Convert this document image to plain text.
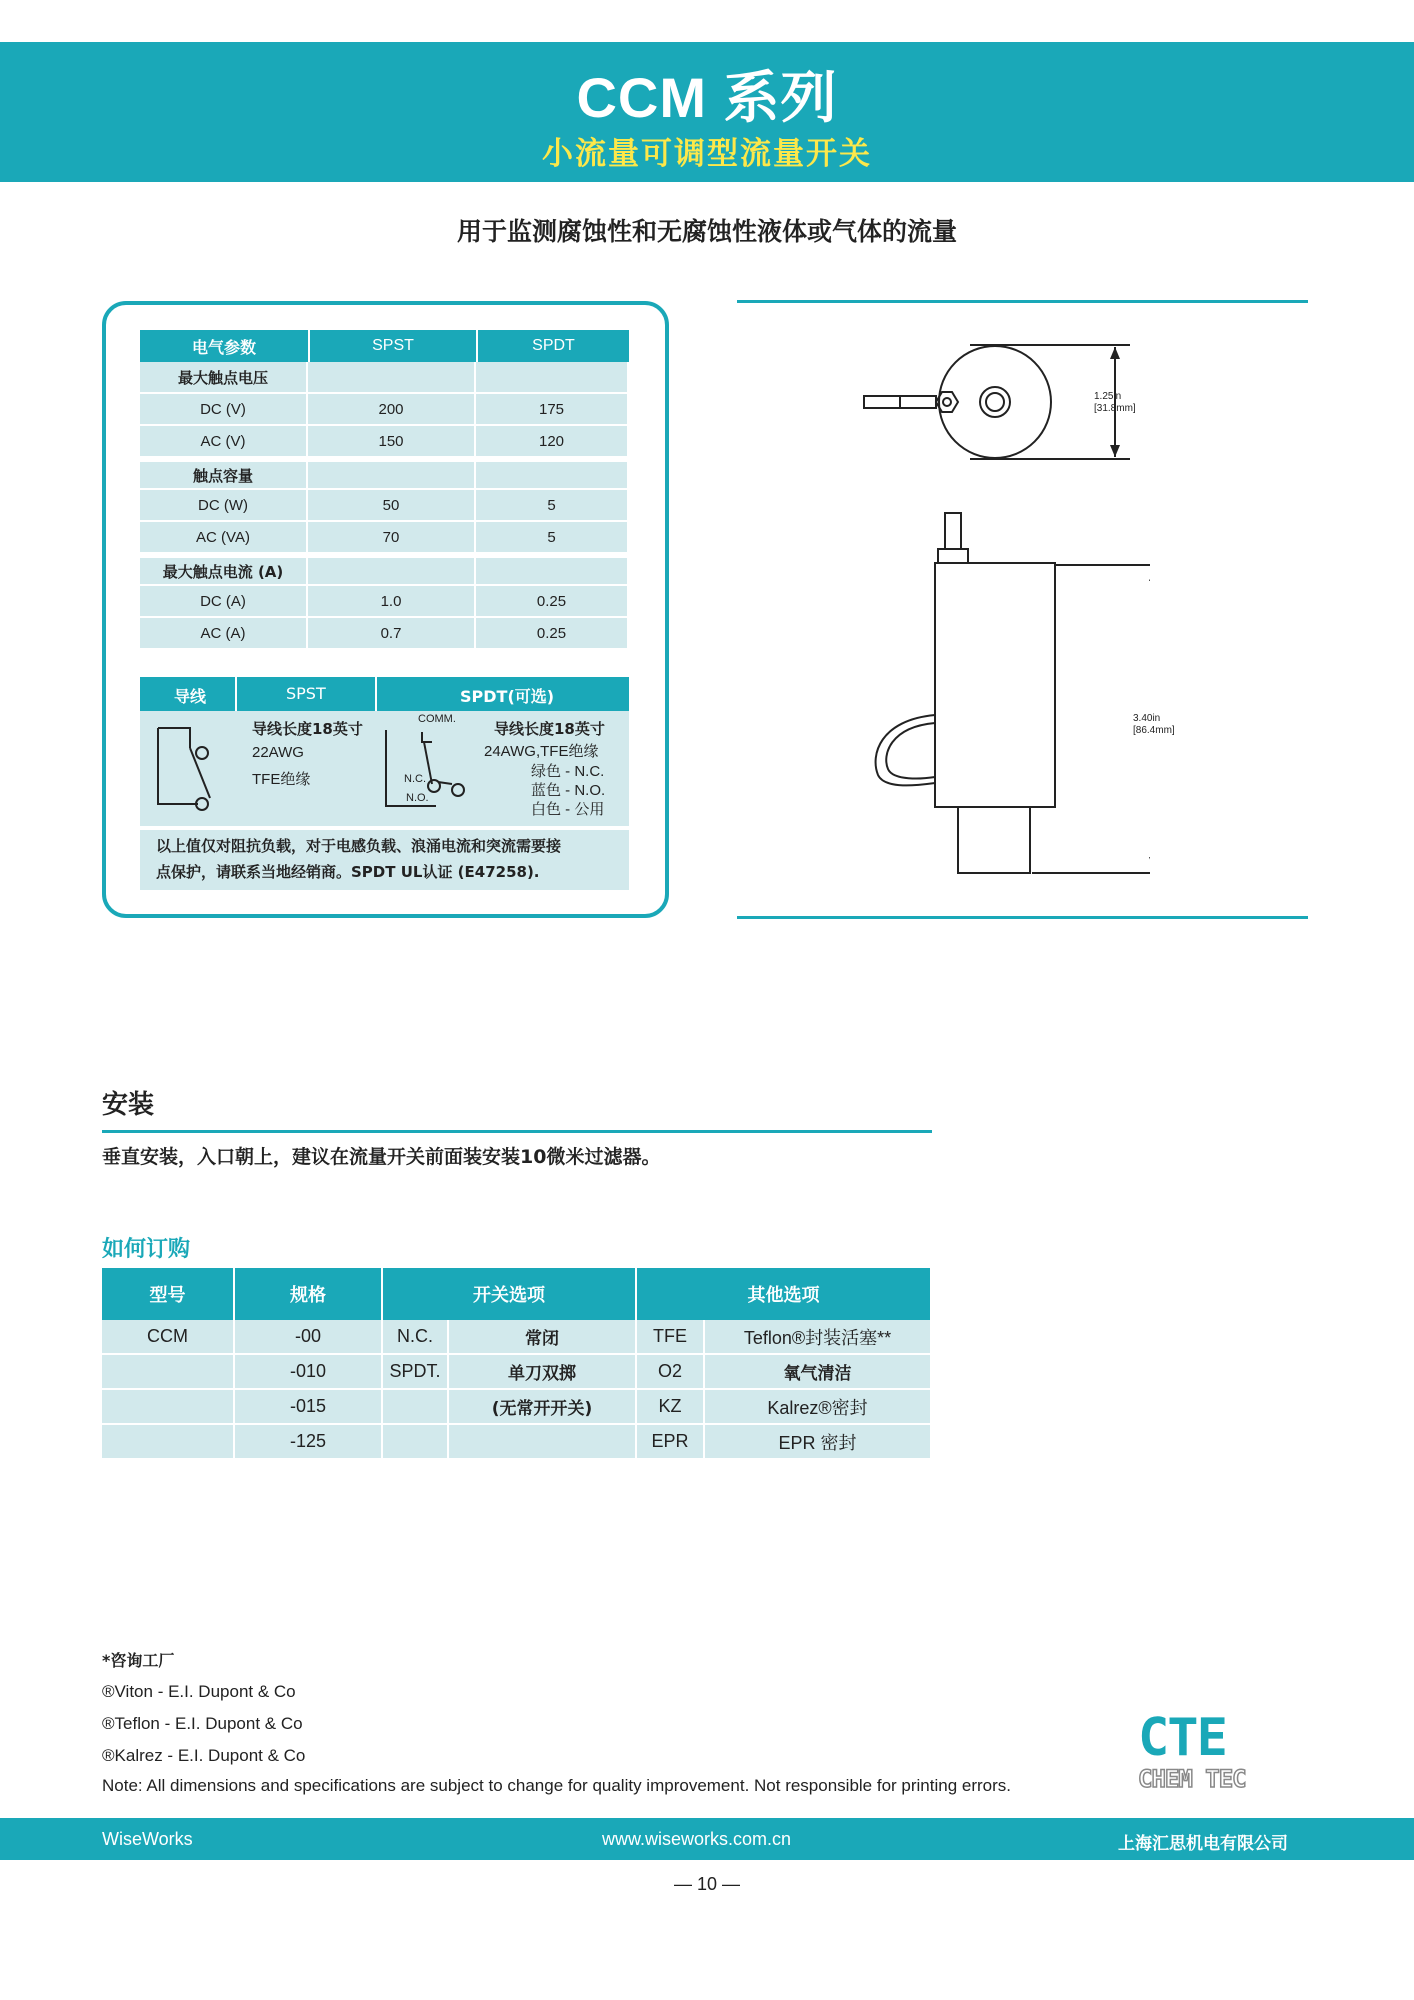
CCM 系列
小流量可调型流量开关
用于监测腐蚀性和无腐蚀性液体或气体的流量
电气参数	SPST	SPDT
最大触点电压		
DC (V)	200	175
AC (V)	150	120
触点容量		
DC (W)	50	5
AC (VA)	70	5
最大触点电流 (A)		
DC (A)	1.0	0.25
AC (A)	0.7	0.25
导线	SPST	SPDT(可选)
导线长度18英寸
22AWG
TFE绝缘
COMM.
N.C.
N.O.
导线长度18英寸
24AWG,TFE绝缘
绿色 - N.C.
蓝色 - N.O.
白色 - 公用
以上值仅对阻抗负载，对于电感负载、浪涌电流和突流需要接
点保护，请联系当地经销商。SPDT UL认证 (E47258).
1.25in
[31.8mm]
3.40in
[86.4mm]
安装
垂直安装，入口朝上，建议在流量开关前面装安装10微米过滤器。
如何订购
型号	规格	开关选项		其他选项	
CCM	-00	N.C.	常闭	TFE	Teflon®封装活塞**
	-010	SPDT.	单刀双掷	O2	氧气清洁
	-015		(无常开开关)	KZ	Kalrez®密封
	-125			EPR	EPR 密封
*咨询工厂
®Viton - E.I. Dupont & Co
®Teflon - E.I. Dupont & Co
®Kalrez - E.I. Dupont & Co
Note: All dimensions and specifications are subject to change for quality improvement. Not responsible for printing errors.
CTE
CHEM TEC
WiseWorks	www.wiseworks.com.cn	上海汇思机电有限公司
— 10 —
